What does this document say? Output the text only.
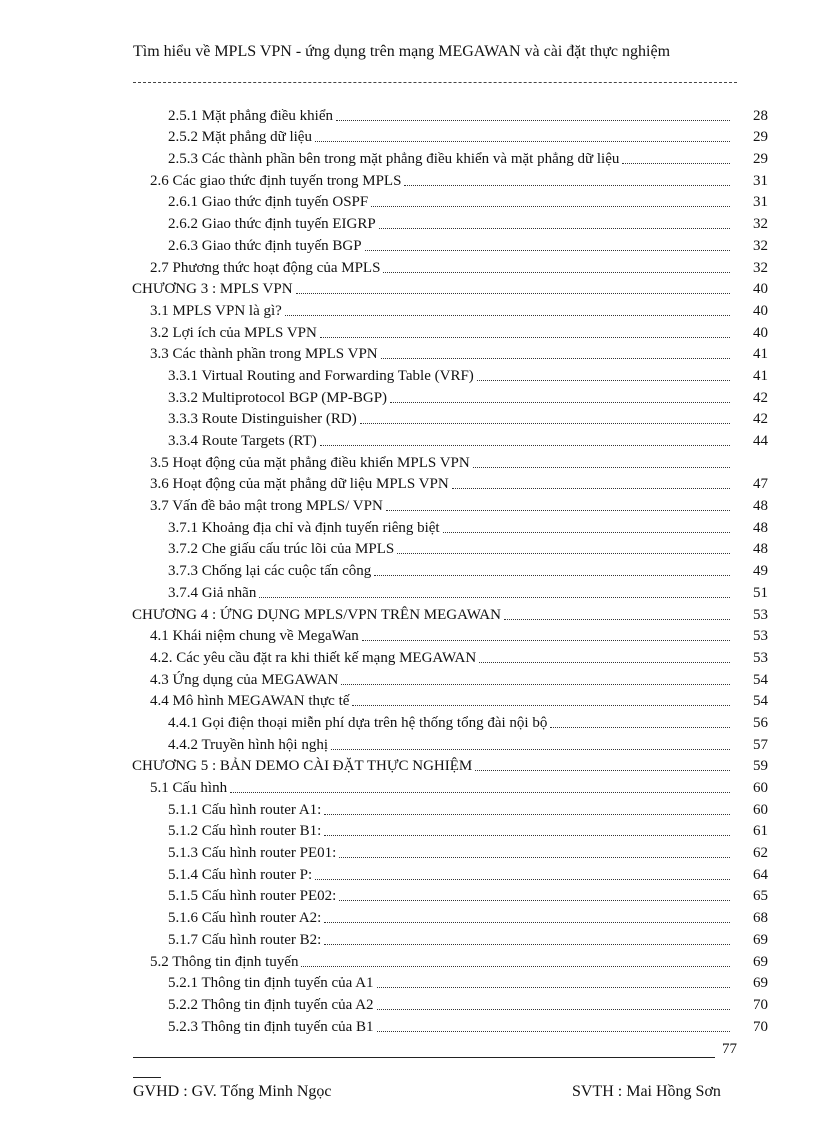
Tìm hiểu về MPLS VPN - ứng dụng trên mạng MEGAWAN và cài đặt thực nghiệm
2.5.1 Mặt phẳng điều khiển	28
2.5.2 Mặt phẳng dữ liệu	29
2.5.3 Các thành phần bên trong mặt phẳng điều khiển và mặt phẳng dữ liệu	29
2.6 Các giao thức định tuyến trong MPLS	31
2.6.1 Giao thức định tuyến OSPF	31
2.6.2 Giao thức định tuyến EIGRP	32
2.6.3 Giao thức định tuyến BGP	32
2.7 Phương thức hoạt động của MPLS	32
CHƯƠNG 3 : MPLS VPN	40
3.1 MPLS VPN là gì?	40
3.2 Lợi ích của MPLS VPN	40
3.3 Các thành phần trong MPLS VPN	41
3.3.1 Virtual Routing and Forwarding Table (VRF)	41
3.3.2 Multiprotocol BGP (MP-BGP)	42
3.3.3 Route Distinguisher (RD)	42
3.3.4 Route Targets (RT)	44
3.5 Hoạt động của mặt phẳng điều khiển MPLS VPN
3.6 Hoạt động của mặt phẳng dữ liệu MPLS VPN	47
3.7 Vấn đề bảo mật trong MPLS/ VPN	48
3.7.1 Khoảng địa chỉ và định tuyến riêng biệt	48
3.7.2 Che giấu cấu trúc lõi của MPLS	48
3.7.3 Chống lại các cuộc tấn công	49
3.7.4 Giả nhãn	51
CHƯƠNG 4 : ỨNG DỤNG MPLS/VPN TRÊN MEGAWAN	53
4.1 Khái niệm chung về MegaWan	53
4.2. Các yêu cầu đặt ra khi thiết kế mạng MEGAWAN	53
4.3 Ứng dụng của MEGAWAN	54
4.4 Mô hình MEGAWAN thực tế	54
4.4.1 Gọi điện thoại miễn phí dựa trên hệ thống tổng đài nội bộ	56
4.4.2 Truyền hình hội nghị	57
CHƯƠNG 5 : BẢN DEMO CÀI ĐẶT THỰC NGHIỆM	59
5.1 Cấu hình	60
5.1.1 Cấu hình router A1:	60
5.1.2 Cấu hình router B1:	61
5.1.3 Cấu hình router PE01:	62
5.1.4 Cấu hình router P:	64
5.1.5 Cấu hình router PE02:	65
5.1.6 Cấu hình router A2:	68
5.1.7 Cấu hình router B2:	69
5.2 Thông tin định tuyến	69
5.2.1 Thông tin định tuyến của A1	69
5.2.2 Thông tin định tuyến của A2	70
5.2.3 Thông tin định tuyến của B1	70
77
GVHD : GV. Tống Minh Ngọc	SVTH : Mai Hồng Sơn
